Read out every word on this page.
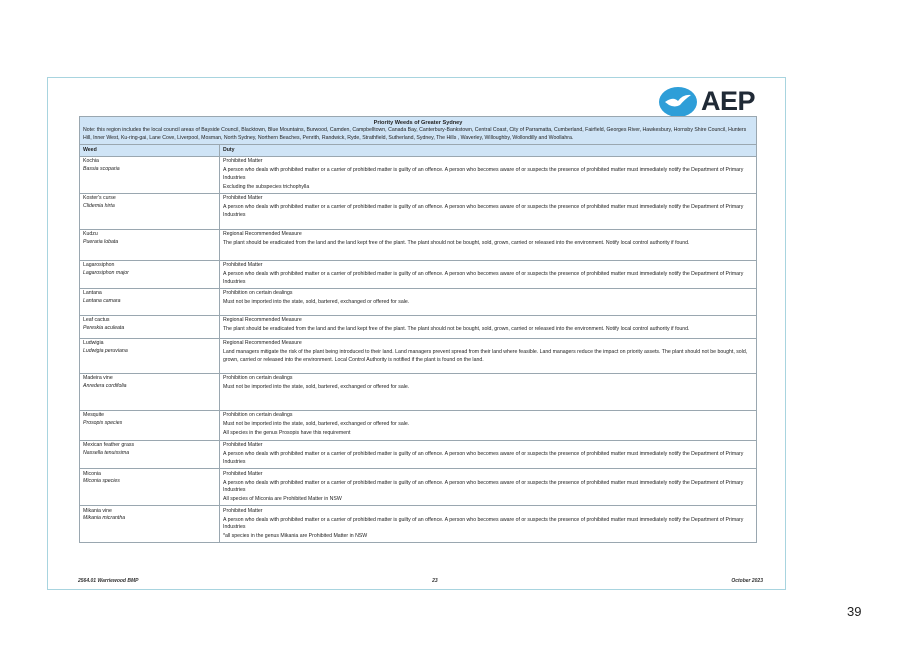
AEP
Priority Weeds of Greater Sydney	
Note: this region includes the local council areas of Bayside Council, Blacktown, Blue Mountains, Burwood, Camden, Campbelltown, Canada Bay, Canterbury-Bankstown, Central Coast, City of Parramatta, Cumberland, Fairfield, Georges River, Hawkesbury, Hornsby Shire Council, Hunters Hill, Inner West, Ku-ring-gai, Lane Cove, Liverpool, Mosman, North Sydney, Northern Beaches, Penrith, Randwick, Ryde, Strathfield, Sutherland, Sydney, The Hills , Waverley, Willoughby, Wollondilly and Woollahra.	
Weed	Duty
Kochia
Bassia scoparia	Prohibited Matter
A person who deals with prohibited matter or a carrier of prohibited matter is guilty of an offence. A person who becomes aware of or suspects the presence of prohibited matter must immediately notify the Department of Primary Industries
Excluding the subspecies trichophylla

Koster's curse
Clidemia hirta	Prohibited Matter
A person who deals with prohibited matter or a carrier of prohibited matter is guilty of an offence. A person who becomes aware of or suspects the presence of prohibited matter must immediately notify the Department of Primary Industries

Kudzu
Pueraria lobata	Regional Recommended Measure
The plant should be eradicated from the land and the land kept free of the plant. The plant should not be bought, sold, grown, carried or released into the environment. Notify local control authority if found.

Lagarosiphon
Lagarosiphon major	Prohibited Matter
A person who deals with prohibited matter or a carrier of prohibited matter is guilty of an offence. A person who becomes aware of or suspects the presence of prohibited matter must immediately notify the Department of Primary Industries

Lantana
Lantana camara	Prohibition on certain dealings
Must not be imported into the state, sold, bartered, exchanged or offered for sale.

Leaf cactus
Pereskia aculeata	Regional Recommended Measure
The plant should be eradicated from the land and the land kept free of the plant. The plant should not be bought, sold, grown, carried or released into the environment. Notify local control authority if found.

Ludwigia
Ludwigia peruviana	Regional Recommended Measure
Land managers mitigate the risk of the plant being introduced to their land. Land managers prevent spread from their land where feasible. Land managers reduce the impact on priority assets. The plant should not be bought, sold, grown, carried or released into the environment. Local Control Authority is notified if the plant is found on the land.

Madeira vine
Anredera cordifolia	Prohibition on certain dealings
Must not be imported into the state, sold, bartered, exchanged or offered for sale.

Mesquite
Prosopis species	Prohibition on certain dealings
Must not be imported into the state, sold, bartered, exchanged or offered for sale.
All species in the genus Prosopis have this requirement

Mexican feather grass
Nassella tenuissima	Prohibited Matter
A person who deals with prohibited matter or a carrier of prohibited matter is guilty of an offence. A person who becomes aware of or suspects the presence of prohibited matter must immediately notify the Department of Primary Industries

Miconia
Miconia species	Prohibited Matter
A person who deals with prohibited matter or a carrier of prohibited matter is guilty of an offence. A person who becomes aware of or suspects the presence of prohibited matter must immediately notify the Department of Primary Industries
All species of Miconia are Prohibited Matter in NSW

Mikania vine
Mikania micrantha	Prohibited Matter
A person who deals with prohibited matter or a carrier of prohibited matter is guilty of an offence. A person who becomes aware of or suspects the presence of prohibited matter must immediately notify the Department of Primary Industries
*all species in the genus Mikania are Prohibited Matter in NSW
2564.01 Warriewood BMP	23	October 2023
39
